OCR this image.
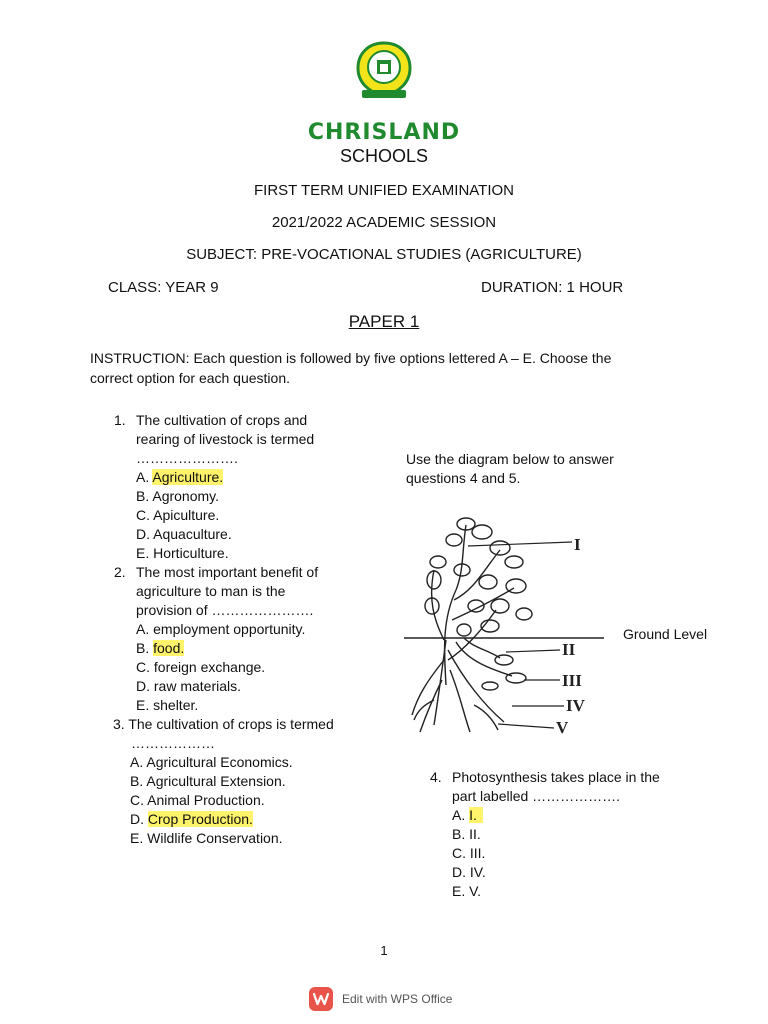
CHRISLAND
SCHOOLS
FIRST TERM UNIFIED EXAMINATION
2021/2022 ACADEMIC SESSION
SUBJECT: PRE-VOCATIONAL STUDIES (AGRICULTURE)
CLASS: YEAR 9	DURATION: 1 HOUR
PAPER 1
INSTRUCTION: Each question is followed by five options lettered A – E. Choose the
correct option for each question.
1. The cultivation of crops and
rearing of livestock is termed
………………….
A. Agriculture.
B. Agronomy.
C. Apiculture.
D. Aquaculture.
E. Horticulture.
2. The most important benefit of
agriculture to man is the
provision of ………………….
A. employment opportunity.
B. food.
C. foreign exchange.
D. raw materials.
E. shelter.
3. The cultivation of crops is termed
………………
A. Agricultural Economics.
B. Agricultural Extension.
C. Animal Production.
D. Crop Production.
E. Wildlife Conservation.
Use the diagram below to answer
questions 4 and 5.
I
II
III
IV
V
Ground Level
4. Photosynthesis takes place in the
part labelled ……………….
A. I.
B. II.
C. III.
D. IV.
E. V.
1
Edit with WPS Office
